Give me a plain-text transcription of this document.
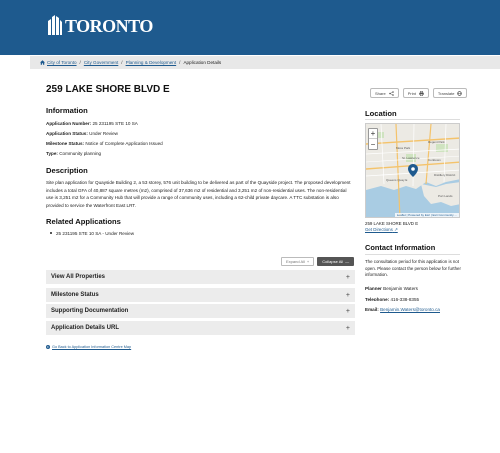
TORONTO
City of Toronto / City Government / Planning & Development / Application Details
259 LAKE SHORE BLVD E	Share	Print	Translate
Information
Application Number: 25 231195 STE 10 SA
Application Status: Under Review
Milestone Status: Notice of Complete Application Issued
Type: Community planning
Description

Site plan application for Quayside Building 2, a 53 storey, 576 unit building to be delivered as part of the Quayside project. The proposed development includes a total GFA of 40,887 square metres (m2), comprised of 37,636 m2 of residential and 3,251 m2 of non-residential uses. The non-residential use is 3,251 m2 for a Community Hub that will provide a range of community uses, including a 62-child private daycare. A TTC substation is also provided to service the Waterfront East LRT.

Related Applications
25 231195 STE 10 SA - Under Review
Expand All +	Collapse All —
View All Properties	+
Milestone Status	+
Supporting Documentation	+
Application Details URL	+
Go Back to Application Information Centre Map
Location
Moss Park
Regent Park
St. Lawrence	Corktown
Distillery District
Port Lands
Queens Quay E
+
−
Leaflet | Powered by Esri | Esri Community ...
259 LAKE SHORE BLVD E
Get Directions ↗
Contact Information

The consultation period for this application is not open. Please contact the person below for further information.

Planner Benjamin Waters
Telephone: 416-338-8355
Email: Benjamin.Waters@toronto.ca
